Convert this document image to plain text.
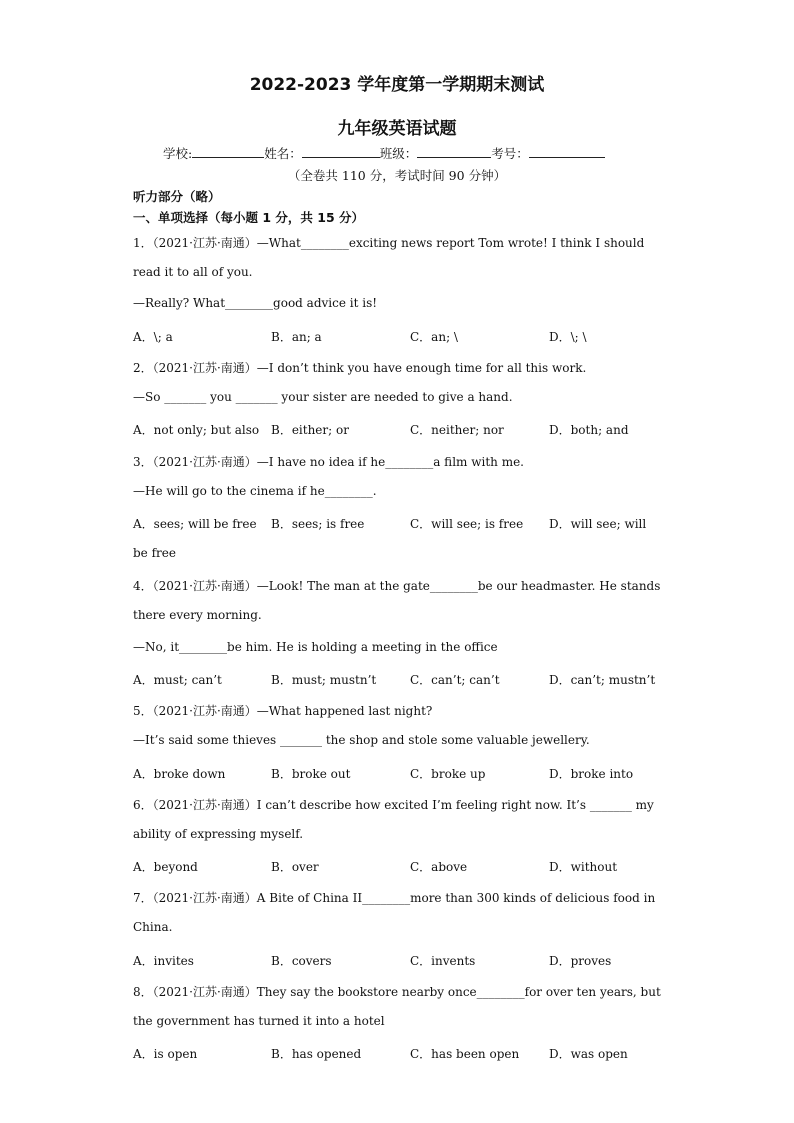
2022-2023 学年度第一学期期末测试
九年级英语试题
学校:	姓名：	班级：	考号：
（全卷共 110 分，考试时间 90 分钟）
听力部分（略）
一、单项选择（每小题 1 分，共 15 分）
1．（2021·江苏·南通）—What________exciting news report Tom wrote! I think I should
read it to all of you.
—Really? What________good advice it is!
A．\; a	B．an; a	C．an; \	D．\; \
2．（2021·江苏·南通）—I don’t think you have enough time for all this work.
—So _______ you _______ your sister are needed to give a hand.
A．not only; but also B．either; or	C．neither; nor	D．both; and
3．（2021·江苏·南通）—I have no idea if he________a film with me.
—He will go to the cinema if he________.
A．sees; will be free B．sees; is free	C．will see; is free D．will see; will
be free
4．（2021·江苏·南通）—Look! The man at the gate________be our headmaster. He stands
there every morning.
—No, it________be him. He is holding a meeting in the office
A．must; can’t	B．must; mustn’t	C．can’t; can’t	D．can’t; mustn’t
5．（2021·江苏·南通）—What happened last night?
—It’s said some thieves _______ the shop and stole some valuable jewellery.
A．broke down	B．broke out	C．broke up	D．broke into
6．（2021·江苏·南通）I can’t describe how excited I’m feeling right now. It’s _______ my
ability of expressing myself.
A．beyond	B．over	C．above	D．without
7．（2021·江苏·南通）A Bite of China II________more than 300 kinds of delicious food in
China.
A．invites	B．covers	C．invents	D．proves
8．（2021·江苏·南通）They say the bookstore nearby once________for over ten years, but
the government has turned it into a hotel
A．is open	B．has opened	C．has been open D．was open
